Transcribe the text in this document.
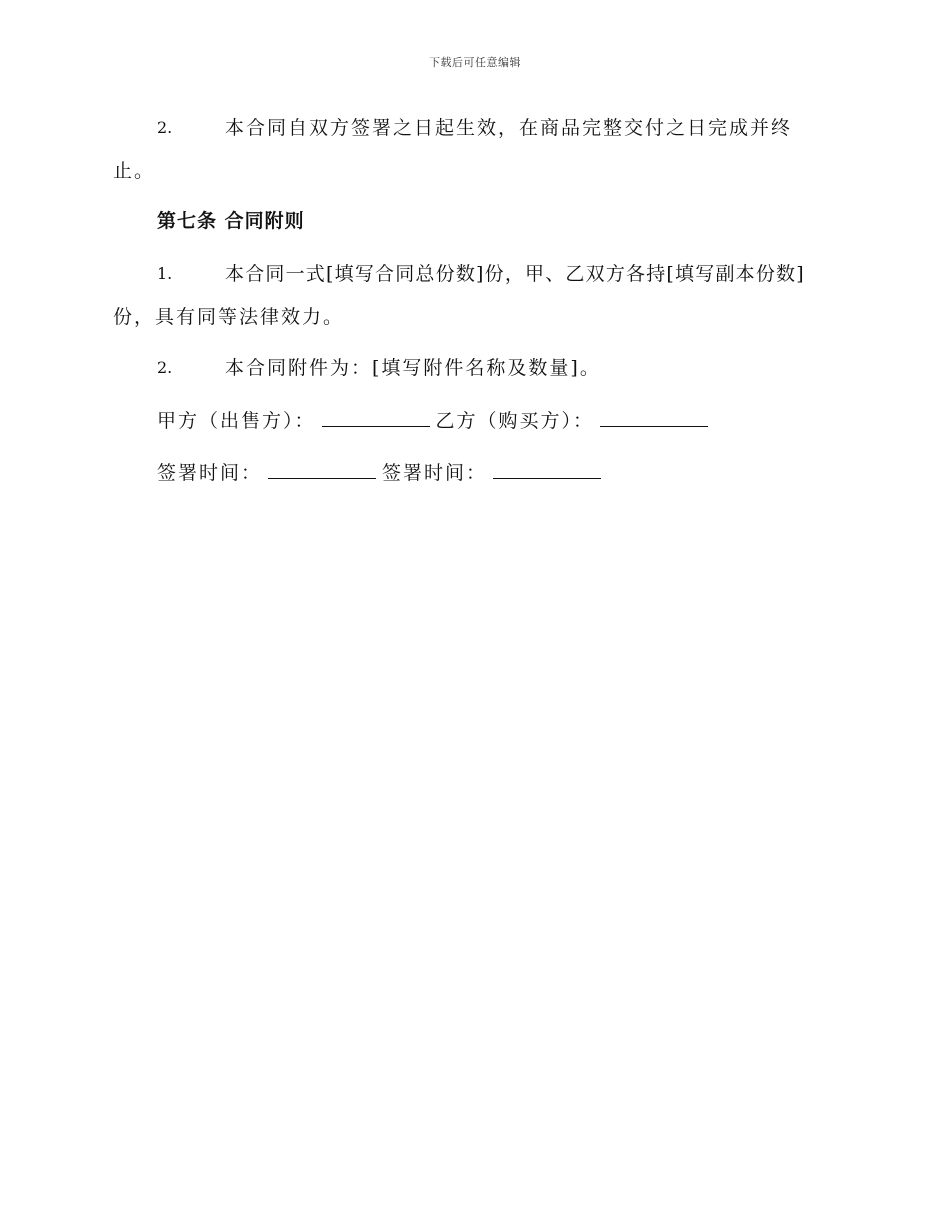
下载后可任意编辑
2.	本合同自双方签署之日起生效，在商品完整交付之日完成并终
止。
第七条 合同附则
1.	本合同一式[填写合同总份数]份，甲、乙双方各持[填写副本份数]
份，具有同等法律效力。
2.	本合同附件为：[填写附件名称及数量]。
甲方（出售方）：	乙方（购买方）：
签署时间：	签署时间：
